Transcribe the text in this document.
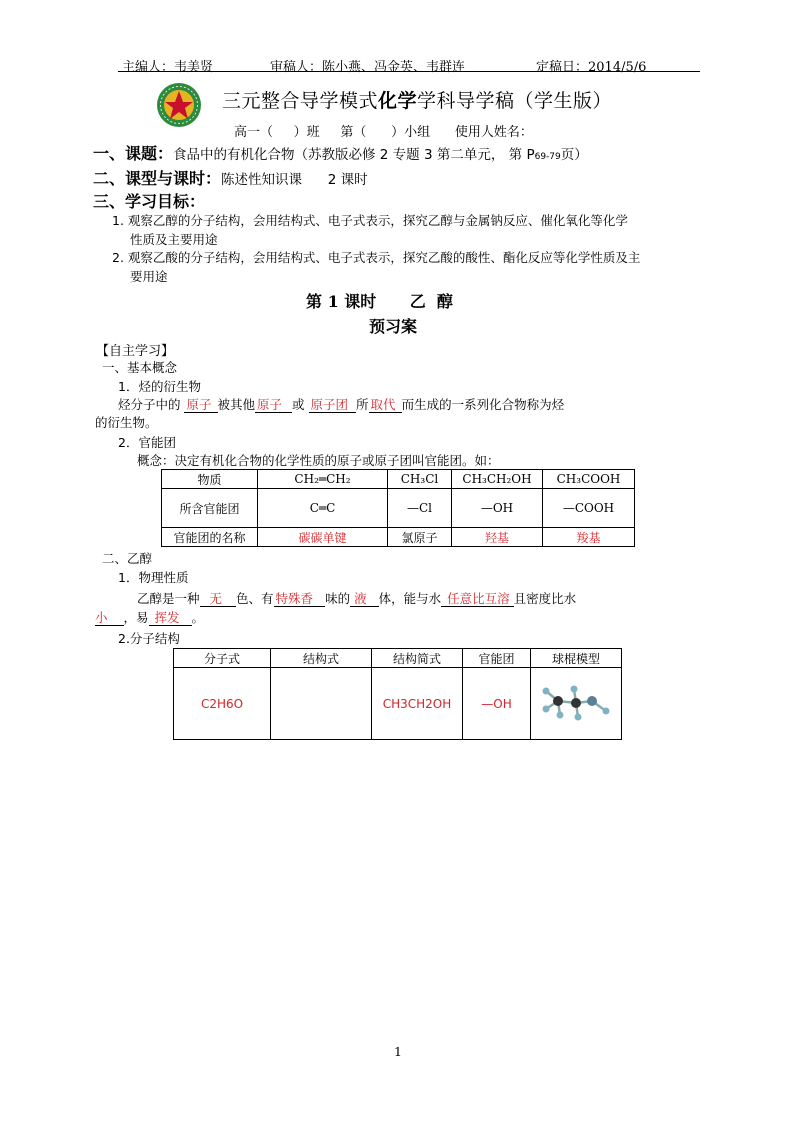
主编人：韦美贤	审稿人：陈小燕、冯金英、韦群连	定稿日：2014/5/6
三元整合导学模式化学学科导学稿（学生版）
高一（     ）班     第（      ）小组      使用人姓名：
一、课题：食品中的有机化合物（苏教版必修 2 专题 3 第二单元， 第 P69-79页）
二、课型与课时：陈述性知识课      2 课时
三、学习目标：
1. 观察乙醇的分子结构，会用结构式、电子式表示，探究乙醇与金属钠反应、催化氧化等化学
性质及主要用途
2. 观察乙酸的分子结构，会用结构式、电子式表示，探究乙酸的酸性、酯化反应等化学性质及主
要用途
第 1 课时      乙  醇
预习案
【自主学习】
一、基本概念
1．烃的衍生物
烃分子中的 原子 被其他 原子 或 原子团 所 取代 而生成的一系列化合物称为烃
的衍生物。
2．官能团
概念：决定有机化合物的化学性质的原子或原子团叫官能团。如：
物质	CH₂═CH₂	CH₃Cl	CH₃CH₂OH	CH₃COOH
所含官能团	C═C	—Cl	—OH	—COOH
官能团的名称	碳碳单键	氯原子	羟基	羧基
二、乙醇
1．物理性质
乙醇是一种 无 色、有 特殊香 味的 液 体，能与水 任意比互溶 且密度比水
小 ，易 挥发 。
2.分子结构
分子式	结构式	结构简式	官能团	球棍模型
C2H6O		CH3CH2OH	—OH	
1
